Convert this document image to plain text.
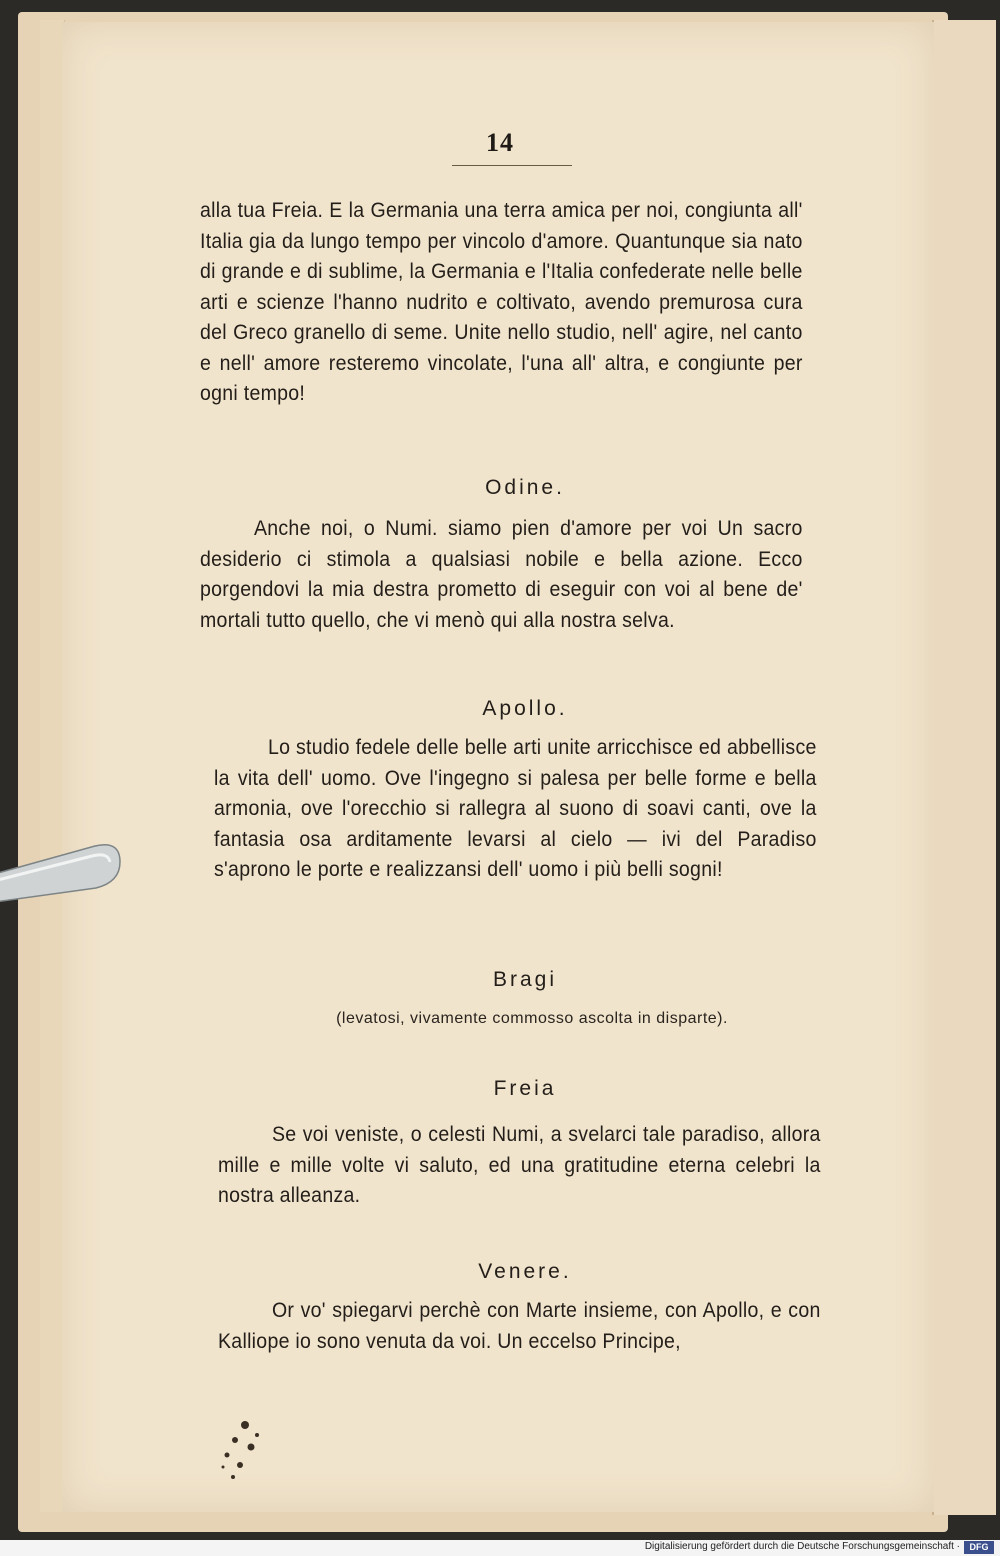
14
alla tua Freia. E la Germania una terra amica per noi, congiunta all' Italia gia da lungo tempo per vincolo d'amore. Quantunque sia nato di grande e di sublime, la Germania e l'Italia confederate nelle belle arti e scienze l'hanno nudrito e coltivato, avendo premurosa cura del Greco granello di seme. Unite nello studio, nell' agire, nel canto e nell' amore resteremo vincolate, l'una all' altra, e congiunte per ogni tempo!
Odine.
Anche noi, o Numi. siamo pien d'amore per voi Un sacro desiderio ci stimola a qualsiasi nobile e bella azione. Ecco porgendovi la mia destra prometto di eseguir con voi al bene de' mortali tutto quello, che vi menò qui alla nostra selva.
Apollo.
Lo studio fedele delle belle arti unite arricchisce ed abbellisce la vita dell' uomo. Ove l'ingegno si palesa per belle forme e bella armonia, ove l'orecchio si rallegra al suono di soavi canti, ove la fantasia osa arditamente levarsi al cielo — ivi del Paradiso s'aprono le porte e realizzansi dell' uomo i più belli sogni!
Bragi
(levatosi, vivamente commosso ascolta in disparte).
Freia
Se voi veniste, o celesti Numi, a svelarci tale paradiso, allora mille e mille volte vi saluto, ed una gratitudine eterna celebri la nostra alleanza.
Venere.
Or vo' spiegarvi perchè con Marte insieme, con Apollo, e con Kalliope io sono venuta da voi. Un eccelso Principe,
Digitalisierung gefördert durch die Deutsche Forschungsgemeinschaft ·	DFG
